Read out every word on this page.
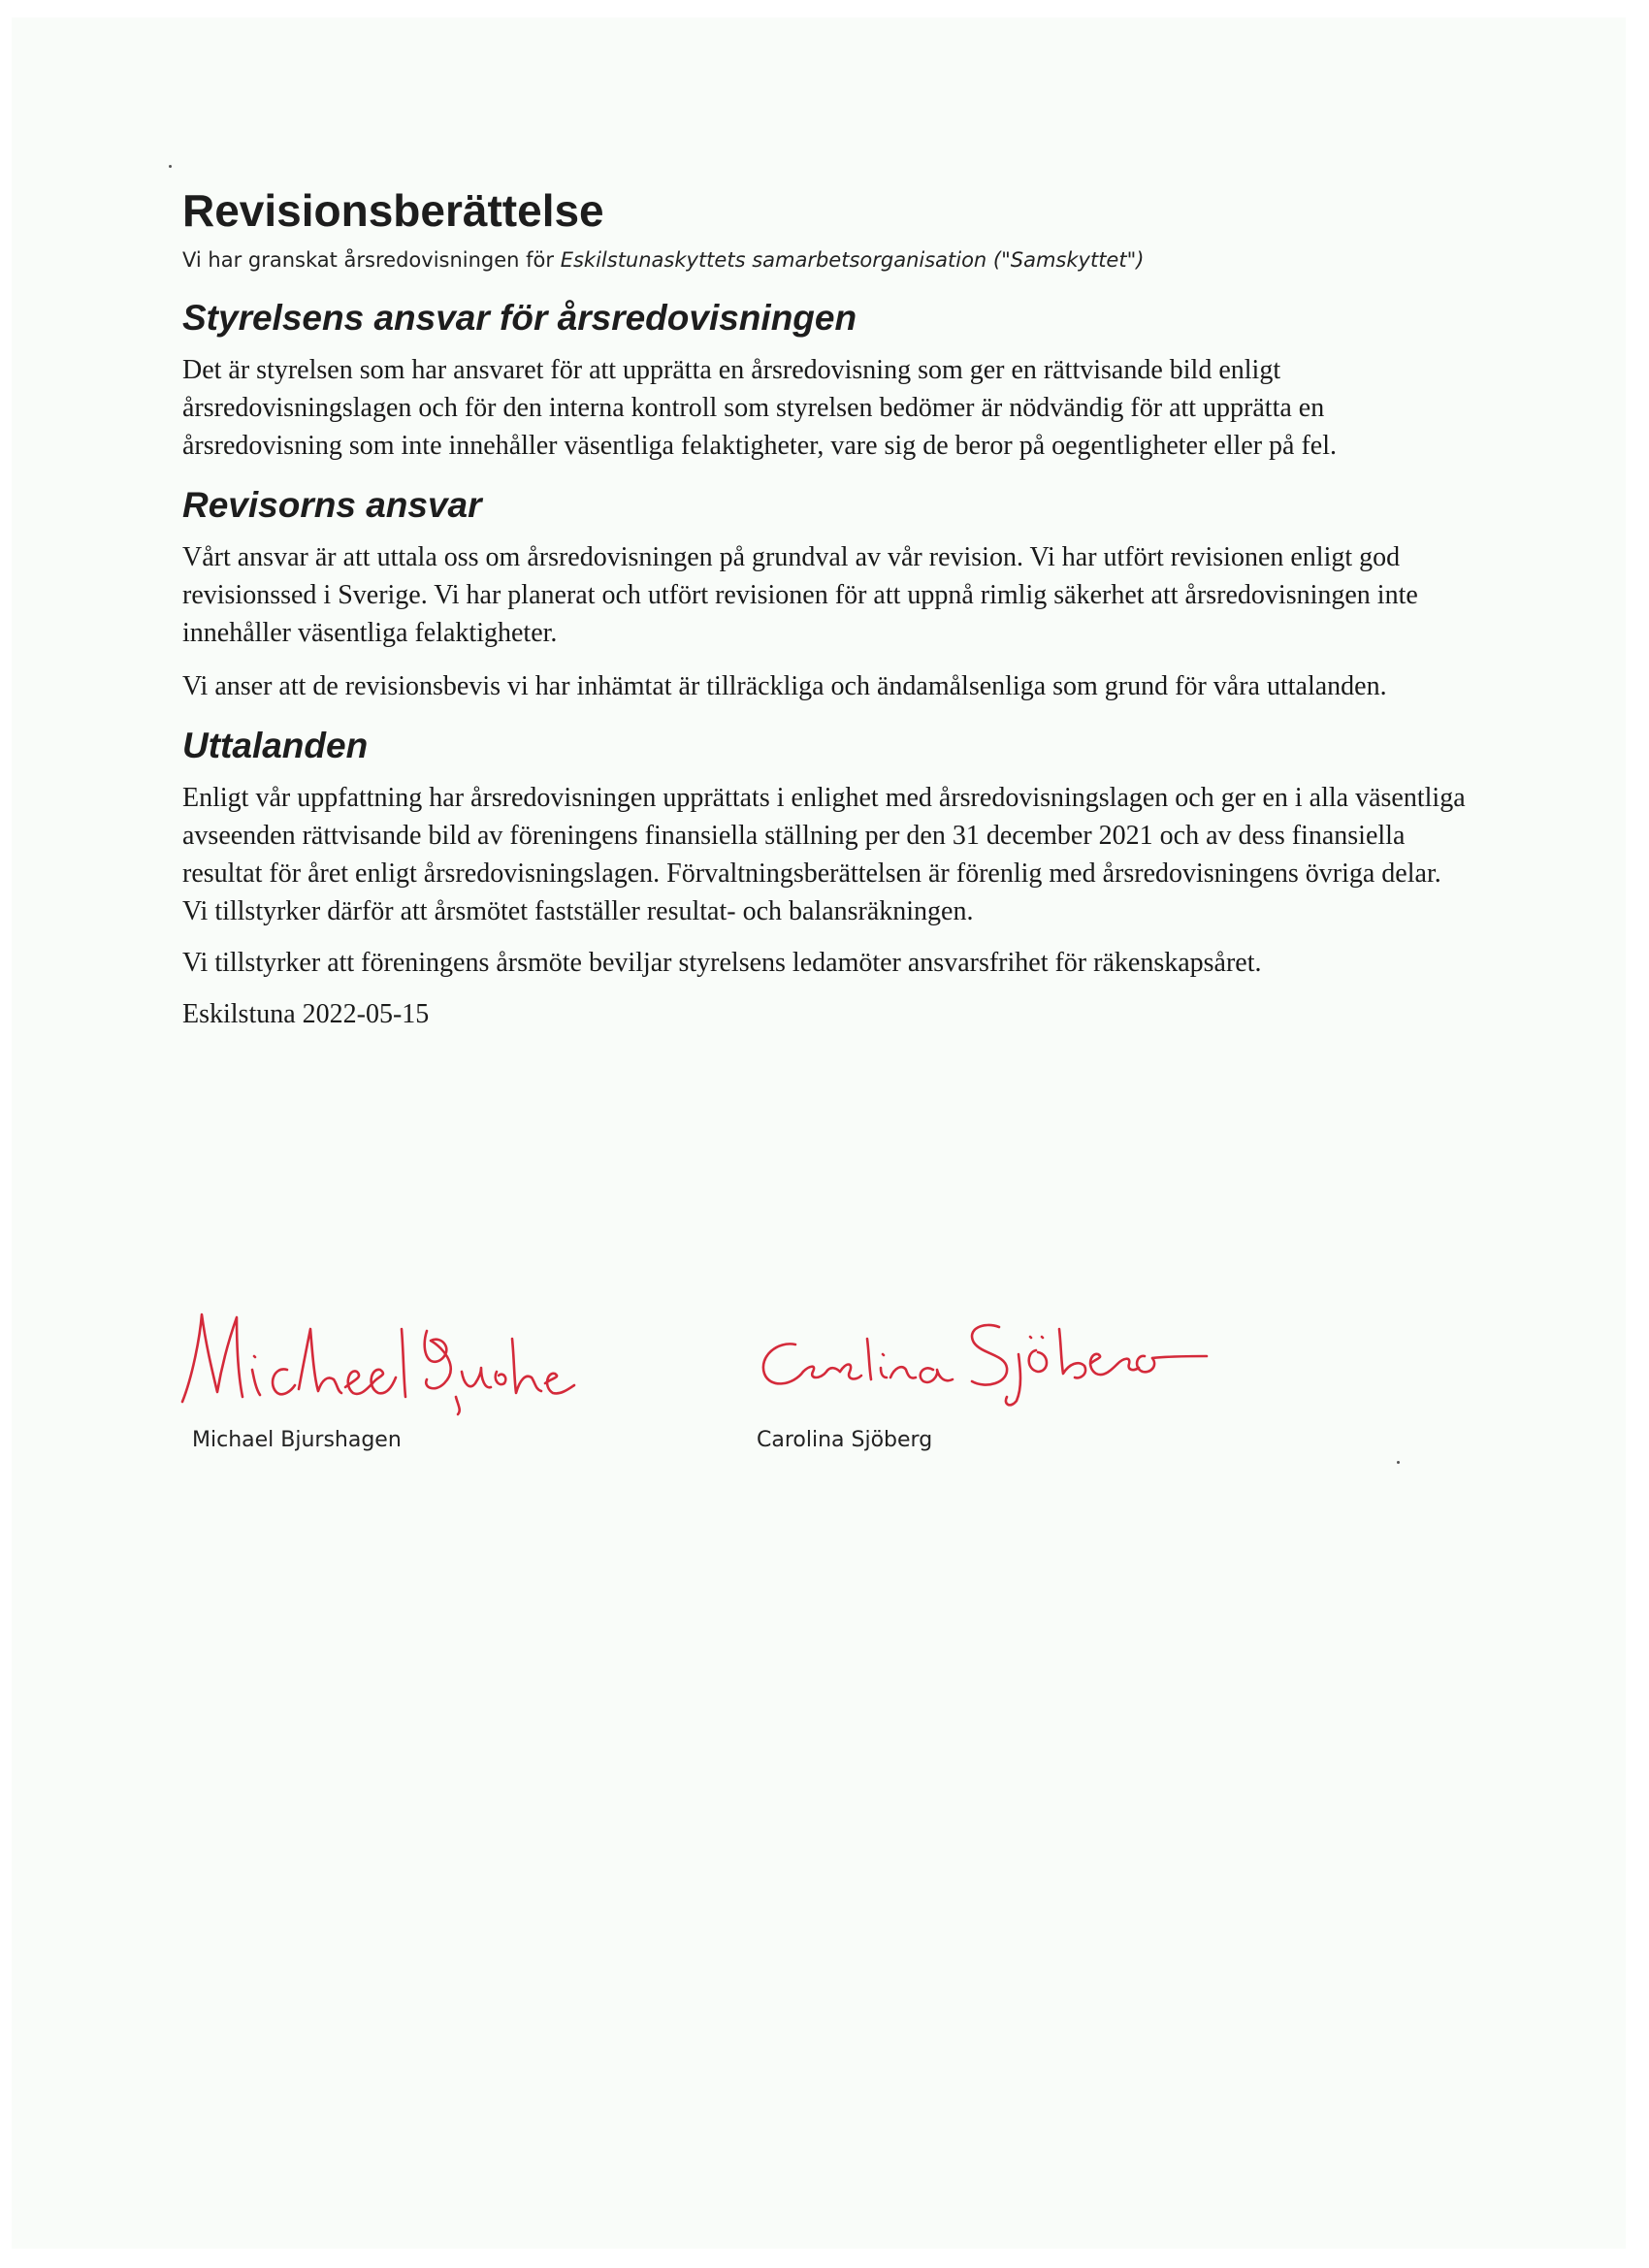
Revisionsberättelse

Vi har granskat årsredovisningen för Eskilstunaskyttets samarbetsorganisation ("Samskyttet")

Styrelsens ansvar för årsredovisningen

Det är styrelsen som har ansvaret för att upprätta en årsredovisning som ger en rättvisande bild enligt årsredovisningslagen och för den interna kontroll som styrelsen bedömer är nödvändig för att upprätta en årsredovisning som inte innehåller väsentliga felaktigheter, vare sig de beror på oegentligheter eller på fel.

Revisorns ansvar

Vårt ansvar är att uttala oss om årsredovisningen på grundval av vår revision. Vi har utfört revisionen enligt god revisionssed i Sverige. Vi har planerat och utfört revisionen för att uppnå rimlig säkerhet att årsredovisningen inte innehåller väsentliga felaktigheter.

Vi anser att de revisionsbevis vi har inhämtat är tillräckliga och ändamålsenliga som grund för våra uttalanden.

Uttalanden

Enligt vår uppfattning har årsredovisningen upprättats i enlighet med årsredovisningslagen och ger en i alla väsentliga avseenden rättvisande bild av föreningens finansiella ställning per den 31 december 2021 och av dess finansiella resultat för året enligt årsredovisningslagen. Förvaltningsberättelsen är förenlig med årsredovisningens övriga delar. Vi tillstyrker därför att årsmötet fastställer resultat- och balansräkningen.

Vi tillstyrker att föreningens årsmöte beviljar styrelsens ledamöter ansvarsfrihet för räkenskapsåret.

Eskilstuna 2022-05-15

Michael Bjurshagen	Carolina Sjöberg
